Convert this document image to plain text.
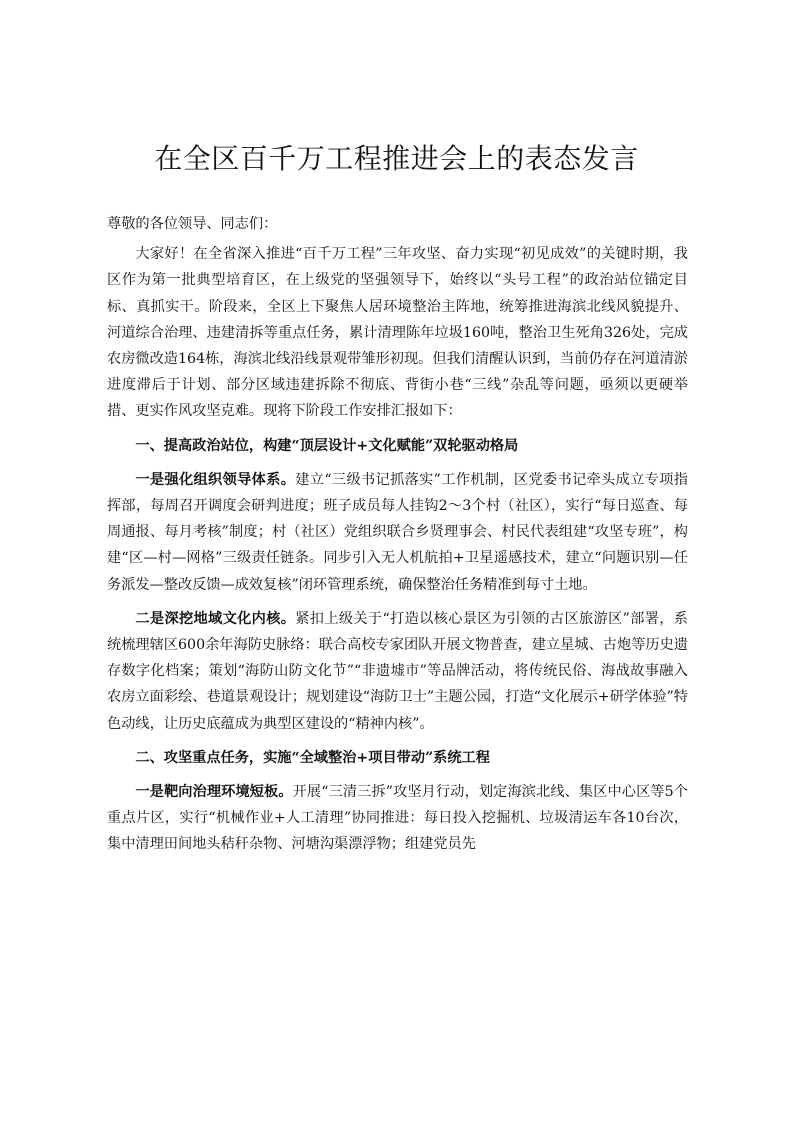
在全区百千万工程推进会上的表态发言

尊敬的各位领导、同志们：

大家好！在全省深入推进“百千万工程”三年攻坚、奋力实现“初见成效”的关键时期，我区作为第一批典型培育区，在上级党的坚强领导下，始终以“头号工程”的政治站位锚定目标、真抓实干。阶段来，全区上下聚焦人居环境整治主阵地，统筹推进海滨北线风貌提升、河道综合治理、违建清拆等重点任务，累计清理陈年垃圾160吨，整治卫生死角326处，完成农房微改造164栋，海滨北线沿线景观带雏形初现。但我们清醒认识到，当前仍存在河道清淤进度滞后于计划、部分区域违建拆除不彻底、背街小巷“三线”杂乱等问题，亟须以更硬举措、更实作风攻坚克难。现将下阶段工作安排汇报如下：

一、提高政治站位，构建“顶层设计+文化赋能”双轮驱动格局

一是强化组织领导体系。建立“三级书记抓落实”工作机制，区党委书记牵头成立专项指挥部，每周召开调度会研判进度；班子成员每人挂钩2～3个村（社区），实行“每日巡查、每周通报、每月考核”制度；村（社区）党组织联合乡贤理事会、村民代表组建“攻坚专班”，构建“区—村—网格”三级责任链条。同步引入无人机航拍+卫星遥感技术，建立“问题识别—任务派发—整改反馈—成效复核”闭环管理系统，确保整治任务精准到每寸土地。

二是深挖地域文化内核。紧扣上级关于“打造以核心景区为引领的古区旅游区”部署，系统梳理辖区600余年海防史脉络：联合高校专家团队开展文物普查，建立星城、古炮等历史遗存数字化档案；策划“海防山防文化节”“非遗墟市”等品牌活动，将传统民俗、海战故事融入农房立面彩绘、巷道景观设计；规划建设“海防卫士”主题公园，打造“文化展示+研学体验”特色动线，让历史底蕴成为典型区建设的“精神内核”。

二、攻坚重点任务，实施“全域整治+项目带动”系统工程

一是靶向治理环境短板。开展“三清三拆”攻坚月行动，划定海滨北线、集区中心区等5个重点片区，实行“机械作业+人工清理”协同推进：每日投入挖掘机、垃圾清运车各10台次，集中清理田间地头秸秆杂物、河塘沟渠漂浮物；组建党员先
